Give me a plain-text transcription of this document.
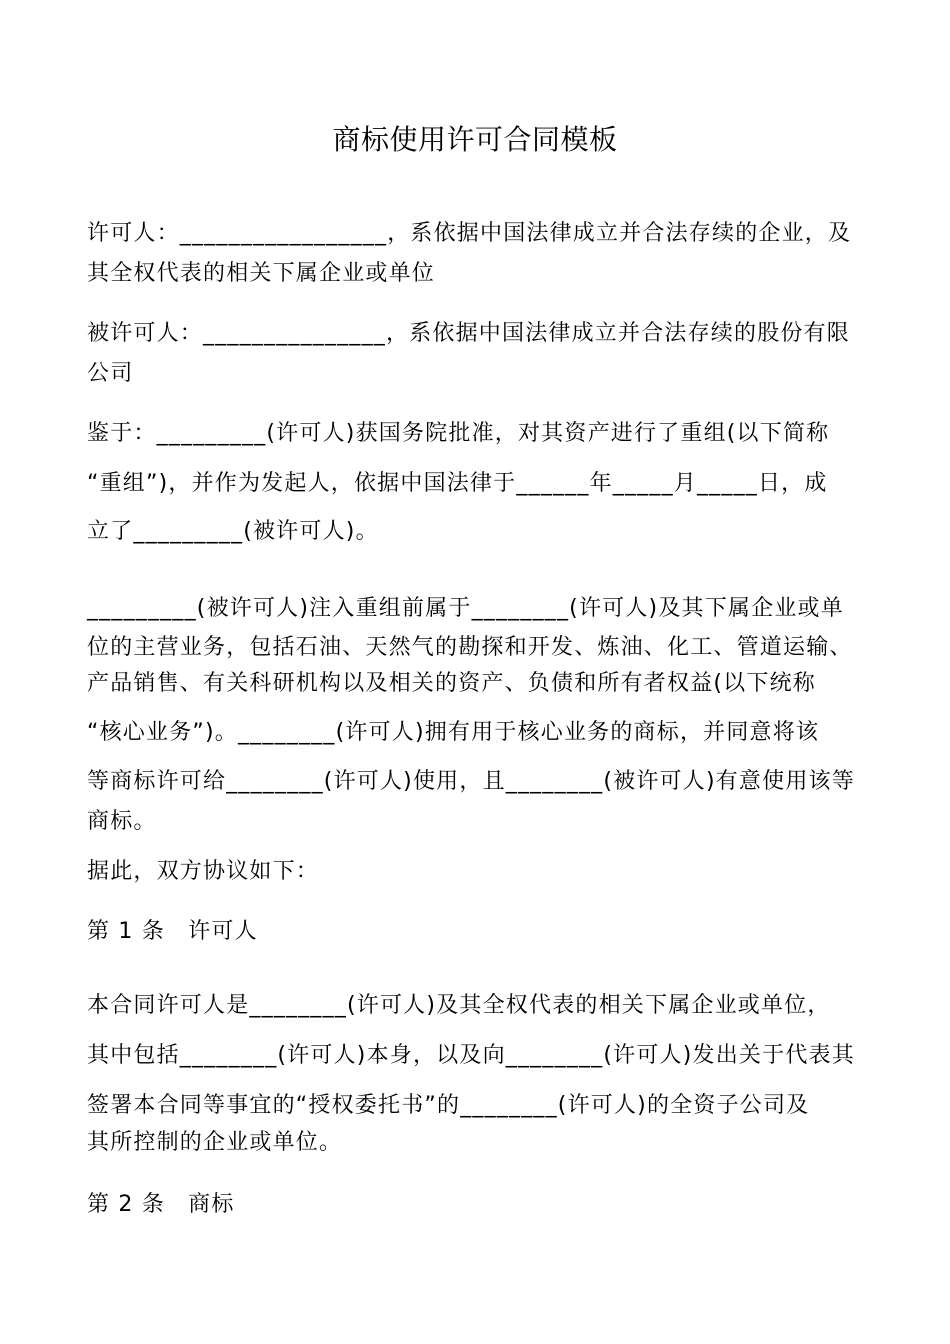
商标使用许可合同模板
许可人：_________________，系依据中国法律成立并合法存续的企业，及
其全权代表的相关下属企业或单位
被许可人：_______________，系依据中国法律成立并合法存续的股份有限
公司
鉴于：_________(许可人)获国务院批准，对其资产进行了重组(以下简称
“重组”)，并作为发起人，依据中国法律于______年_____月_____日，成
立了_________(被许可人)。
_________(被许可人)注入重组前属于________(许可人)及其下属企业或单
位的主营业务，包括石油、天然气的勘探和开发、炼油、化工、管道运输、
产品销售、有关科研机构以及相关的资产、负债和所有者权益(以下统称
“核心业务”)。________(许可人)拥有用于核心业务的商标，并同意将该
等商标许可给________(许可人)使用，且________(被许可人)有意使用该等
商标。
据此，双方协议如下：
第 1 条　许可人
本合同许可人是________(许可人)及其全权代表的相关下属企业或单位，
其中包括________(许可人)本身，以及向________(许可人)发出关于代表其
签署本合同等事宜的“授权委托书”的________(许可人)的全资子公司及
其所控制的企业或单位。
第 2 条　商标
